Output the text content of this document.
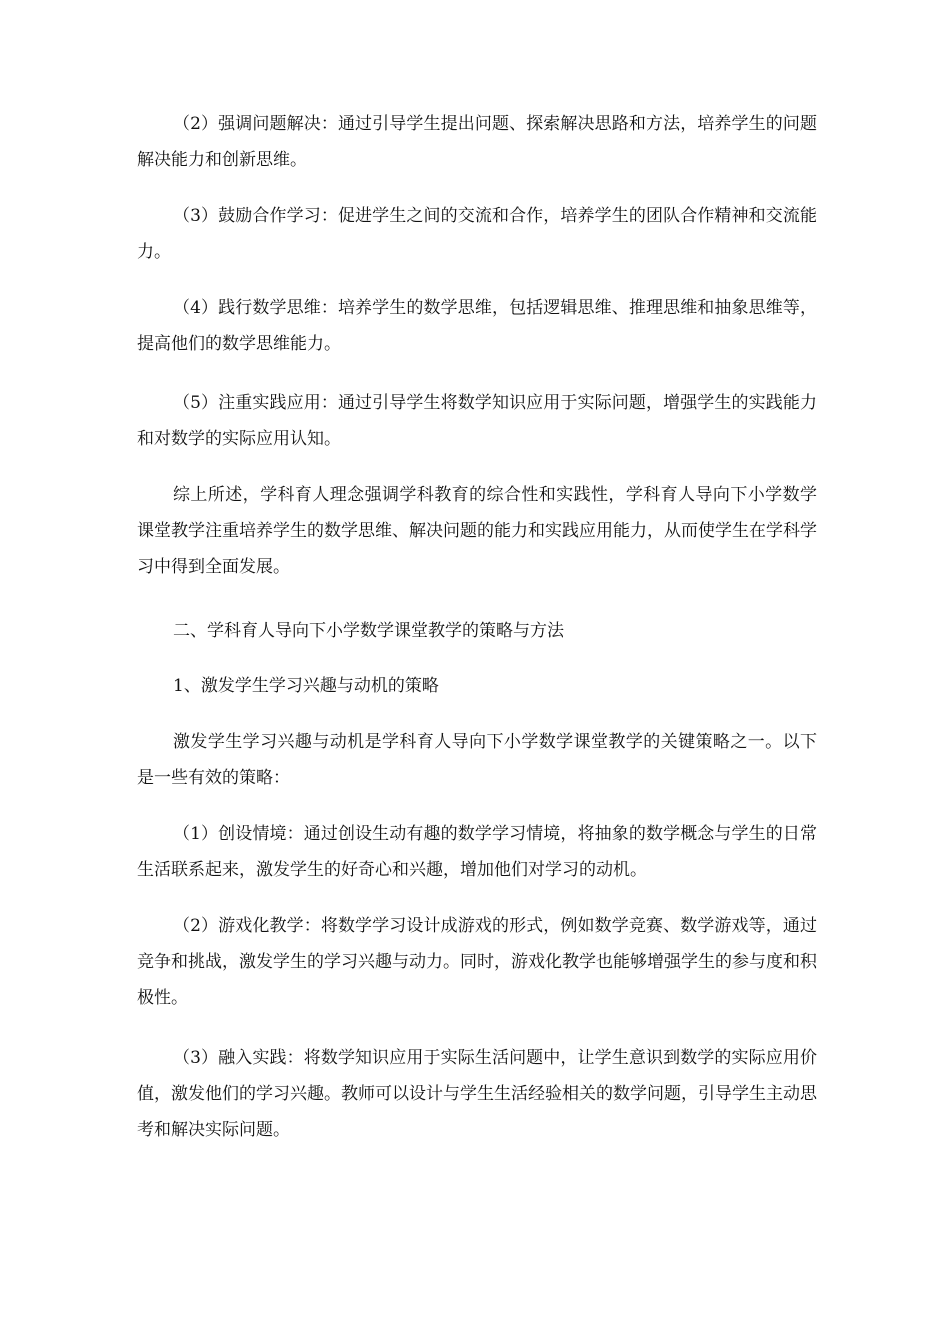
（2）强调问题解决：通过引导学生提出问题、探索解决思路和方法，培养学生的问题解决能力和创新思维。

（3）鼓励合作学习：促进学生之间的交流和合作，培养学生的团队合作精神和交流能力。

（4）践行数学思维：培养学生的数学思维，包括逻辑思维、推理思维和抽象思维等，提高他们的数学思维能力。

（5）注重实践应用：通过引导学生将数学知识应用于实际问题，增强学生的实践能力和对数学的实际应用认知。

综上所述，学科育人理念强调学科教育的综合性和实践性，学科育人导向下小学数学课堂教学注重培养学生的数学思维、解决问题的能力和实践应用能力，从而使学生在学科学习中得到全面发展。

二、学科育人导向下小学数学课堂教学的策略与方法

1、激发学生学习兴趣与动机的策略

激发学生学习兴趣与动机是学科育人导向下小学数学课堂教学的关键策略之一。以下是一些有效的策略：

（1）创设情境：通过创设生动有趣的数学学习情境，将抽象的数学概念与学生的日常生活联系起来，激发学生的好奇心和兴趣，增加他们对学习的动机。

（2）游戏化教学：将数学学习设计成游戏的形式，例如数学竞赛、数学游戏等，通过竞争和挑战，激发学生的学习兴趣与动力。同时，游戏化教学也能够增强学生的参与度和积极性。

（3）融入实践：将数学知识应用于实际生活问题中，让学生意识到数学的实际应用价值，激发他们的学习兴趣。教师可以设计与学生生活经验相关的数学问题，引导学生主动思考和解决实际问题。
